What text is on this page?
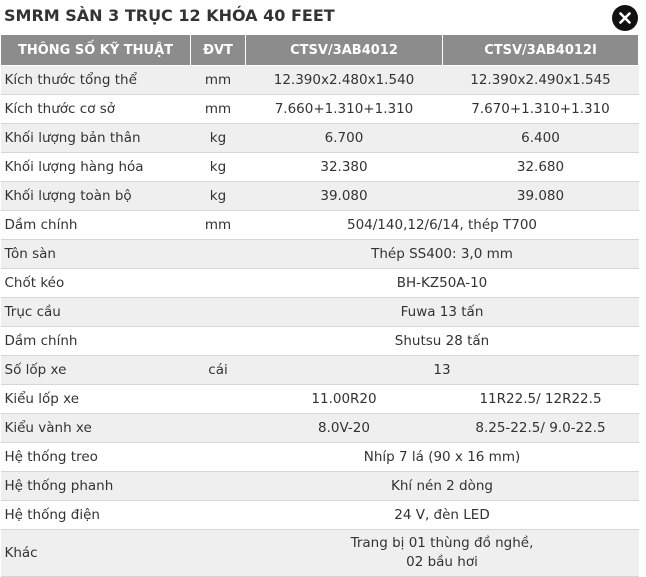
SMRM SÀN 3 TRỤC 12 KHÓA 40 FEET
THÔNG SỐ KỸ THUẬT	ĐVT	CTSV/3AB4012	CTSV/3AB4012I
Kích thước tổng thể	mm	12.390x2.480x1.540	12.390x2.490x1.545
Kích thước cơ sở	mm	7.660+1.310+1.310	7.670+1.310+1.310
Khối lượng bản thân	kg	6.700	6.400
Khối lượng hàng hóa	kg	32.380	32.680
Khối lượng toàn bộ	kg	39.080	39.080
Dầm chính	mm	504/140,12/6/14, thép T700	
Tôn sàn		Thép SS400: 3,0 mm	
Chốt kéo		BH-KZ50A-10	
Trục cầu		Fuwa 13 tấn	
Dầm chính		Shutsu 28 tấn	
Số lốp xe	cái	13	
Kiểu lốp xe		11.00R20	11R22.5/ 12R22.5
Kiểu vành xe		8.0V-20	8.25-22.5/ 9.0-22.5
Hệ thống treo		Nhíp 7 lá (90 x 16 mm)	
Hệ thống phanh		Khí nén 2 dòng	
Hệ thống điện		24 V, đèn LED	
Khác		Trang bị 01 thùng đồ nghề,
02 bầu hơi	
